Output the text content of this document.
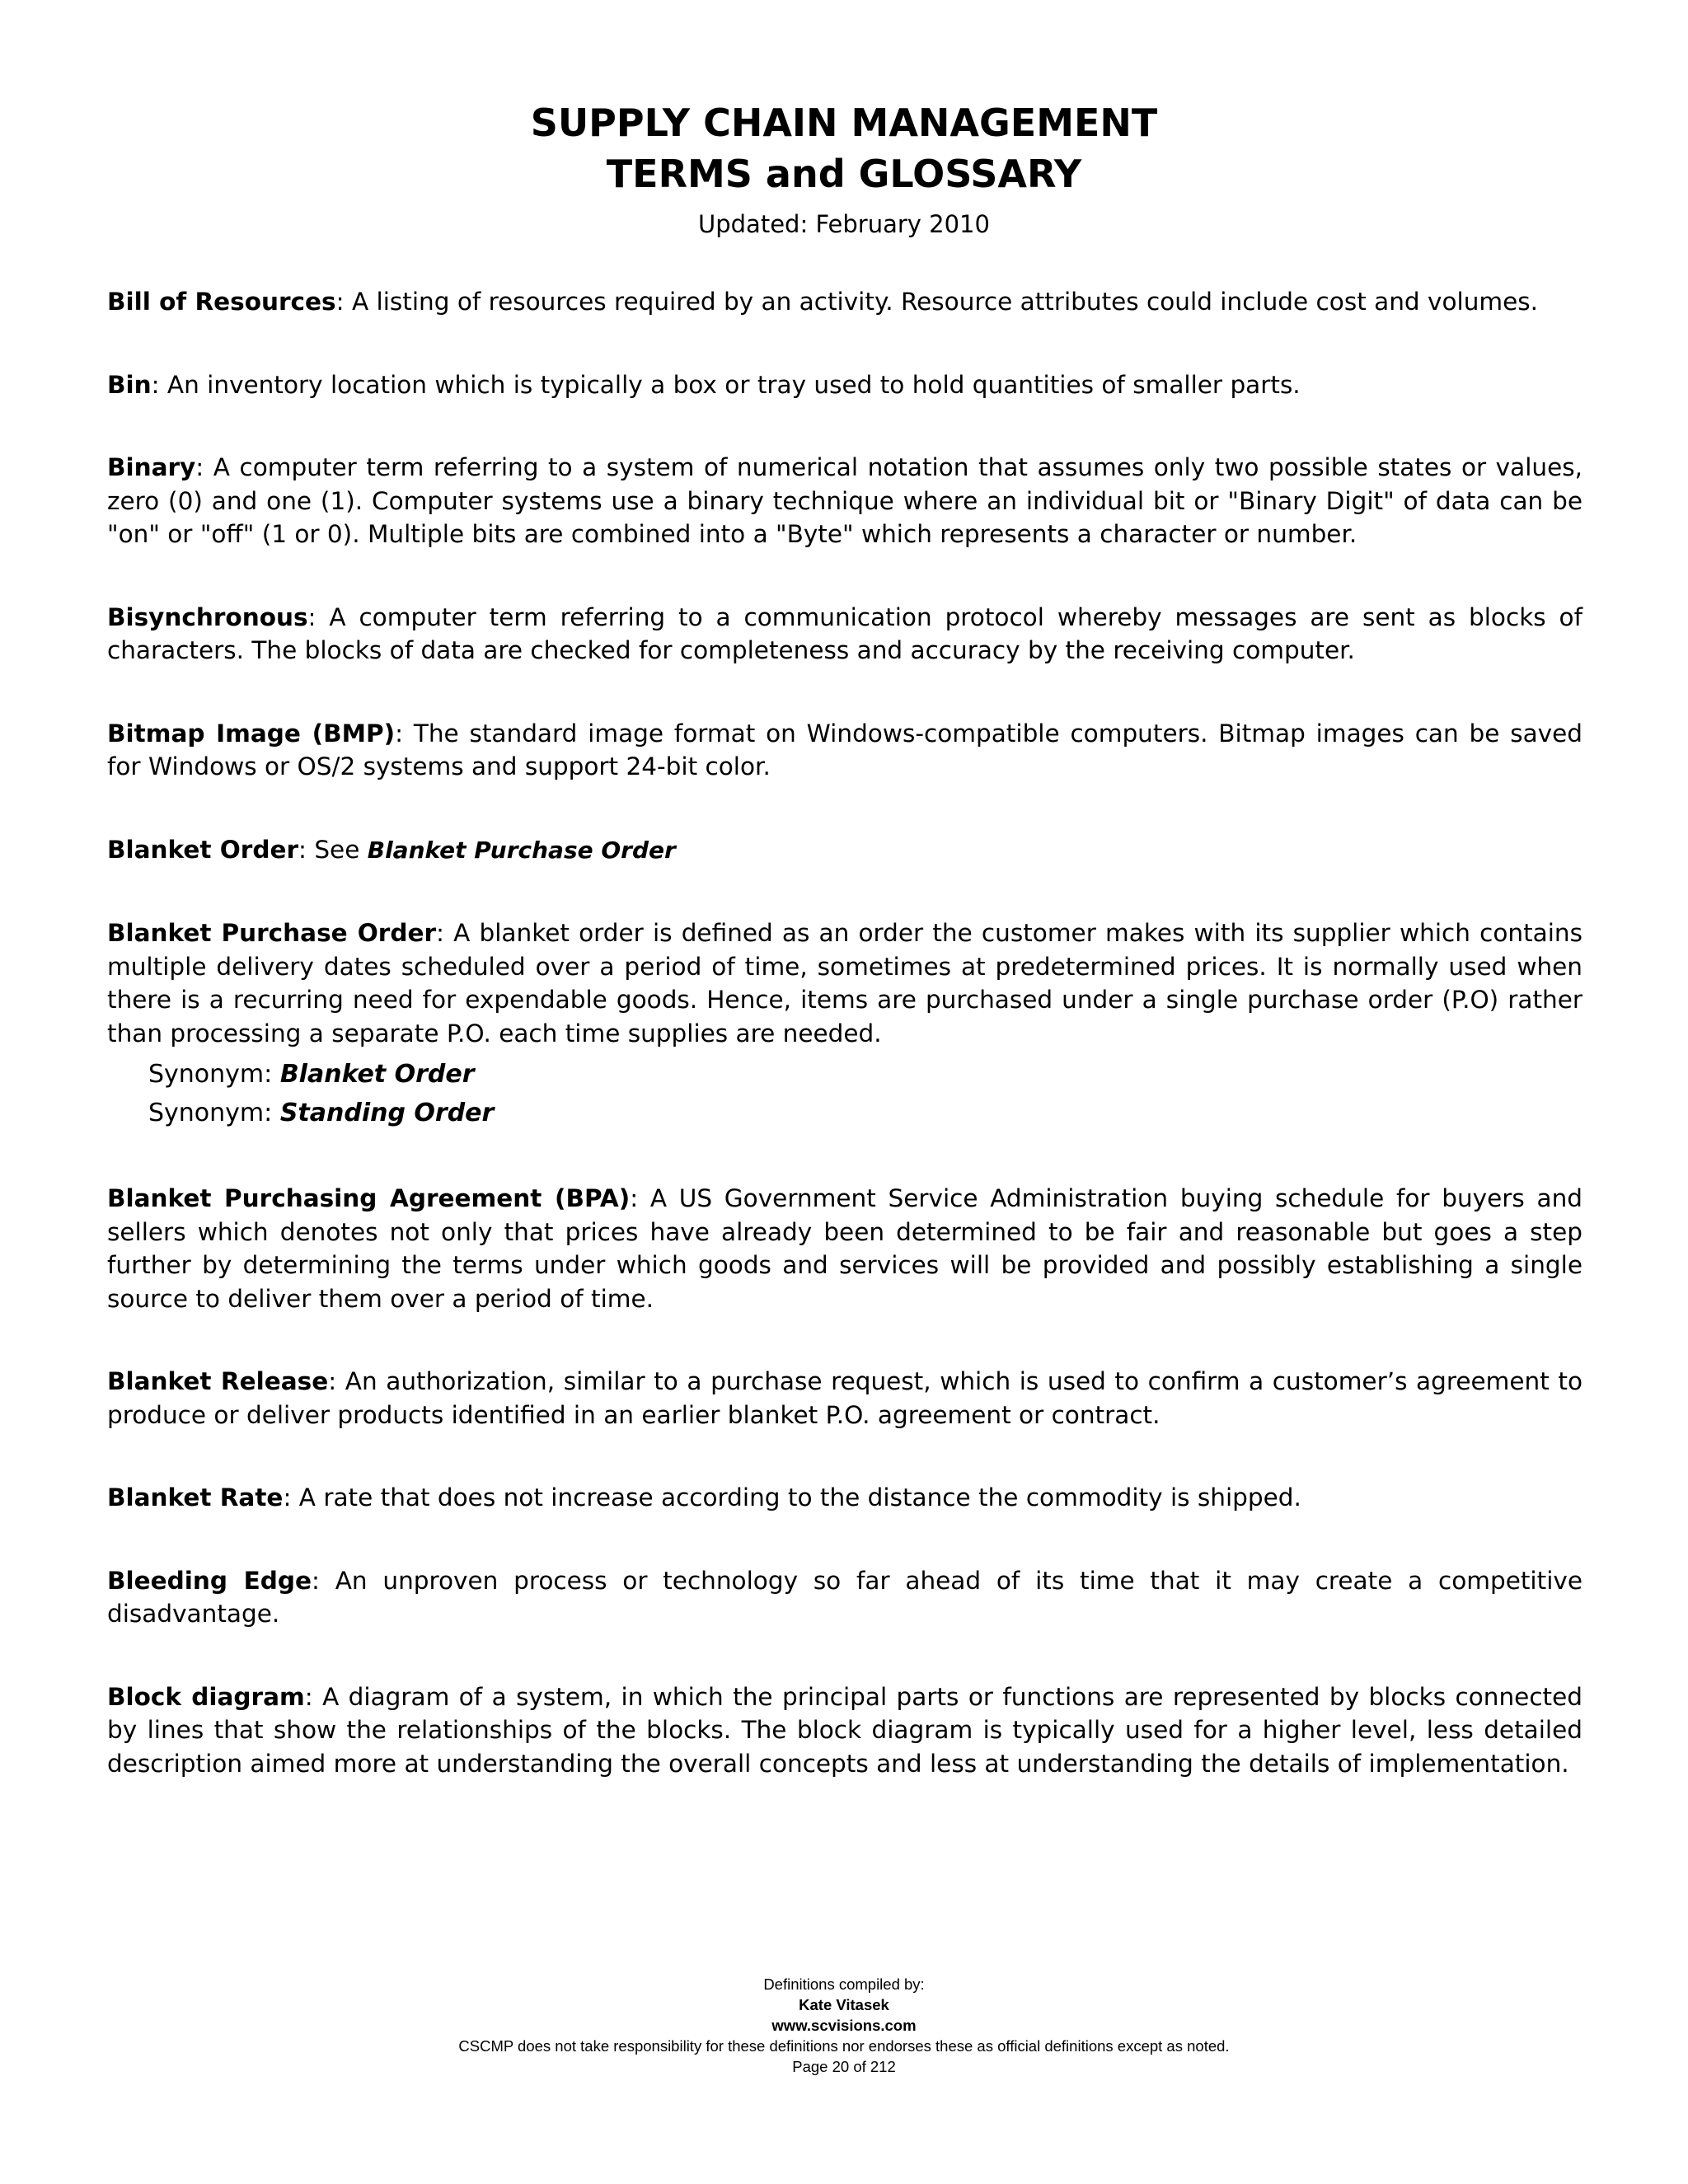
SUPPLY CHAIN MANAGEMENT
TERMS and GLOSSARY
Updated: February 2010

Bill of Resources: A listing of resources required by an activity. Resource attributes could include cost and volumes.

Bin: An inventory location which is typically a box or tray used to hold quantities of smaller parts.

Binary: A computer term referring to a system of numerical notation that assumes only two possible states or values, zero (0) and one (1). Computer systems use a binary technique where an individual bit or "Binary Digit" of data can be "on" or "off" (1 or 0). Multiple bits are combined into a "Byte" which represents a character or number.

Bisynchronous: A computer term referring to a communication protocol whereby messages are sent as blocks of characters. The blocks of data are checked for completeness and accuracy by the receiving computer.

Bitmap Image (BMP): The standard image format on Windows-compatible computers. Bitmap images can be saved for Windows or OS/2 systems and support 24-bit color.

Blanket Order: See Blanket Purchase Order

Blanket Purchase Order: A blanket order is defined as an order the customer makes with its supplier which contains multiple delivery dates scheduled over a period of time, sometimes at predetermined prices. It is normally used when there is a recurring need for expendable goods. Hence, items are purchased under a single purchase order (P.O) rather than processing a separate P.O. each time supplies are needed.
Synonym: Blanket Order
Synonym: Standing Order

Blanket Purchasing Agreement (BPA): A US Government Service Administration buying schedule for buyers and sellers which denotes not only that prices have already been determined to be fair and reasonable but goes a step further by determining the terms under which goods and services will be provided and possibly establishing a single source to deliver them over a period of time.

Blanket Release: An authorization, similar to a purchase request, which is used to confirm a customer’s agreement to produce or deliver products identified in an earlier blanket P.O. agreement or contract.

Blanket Rate: A rate that does not increase according to the distance the commodity is shipped.

Bleeding Edge: An unproven process or technology so far ahead of its time that it may create a competitive disadvantage.

Block diagram: A diagram of a system, in which the principal parts or functions are represented by blocks connected by lines that show the relationships of the blocks. The block diagram is typically used for a higher level, less detailed description aimed more at understanding the overall concepts and less at understanding the details of implementation.

Definitions compiled by:
Kate Vitasek
www.scvisions.com
CSCMP does not take responsibility for these definitions nor endorses these as official definitions except as noted.
Page 20 of 212
